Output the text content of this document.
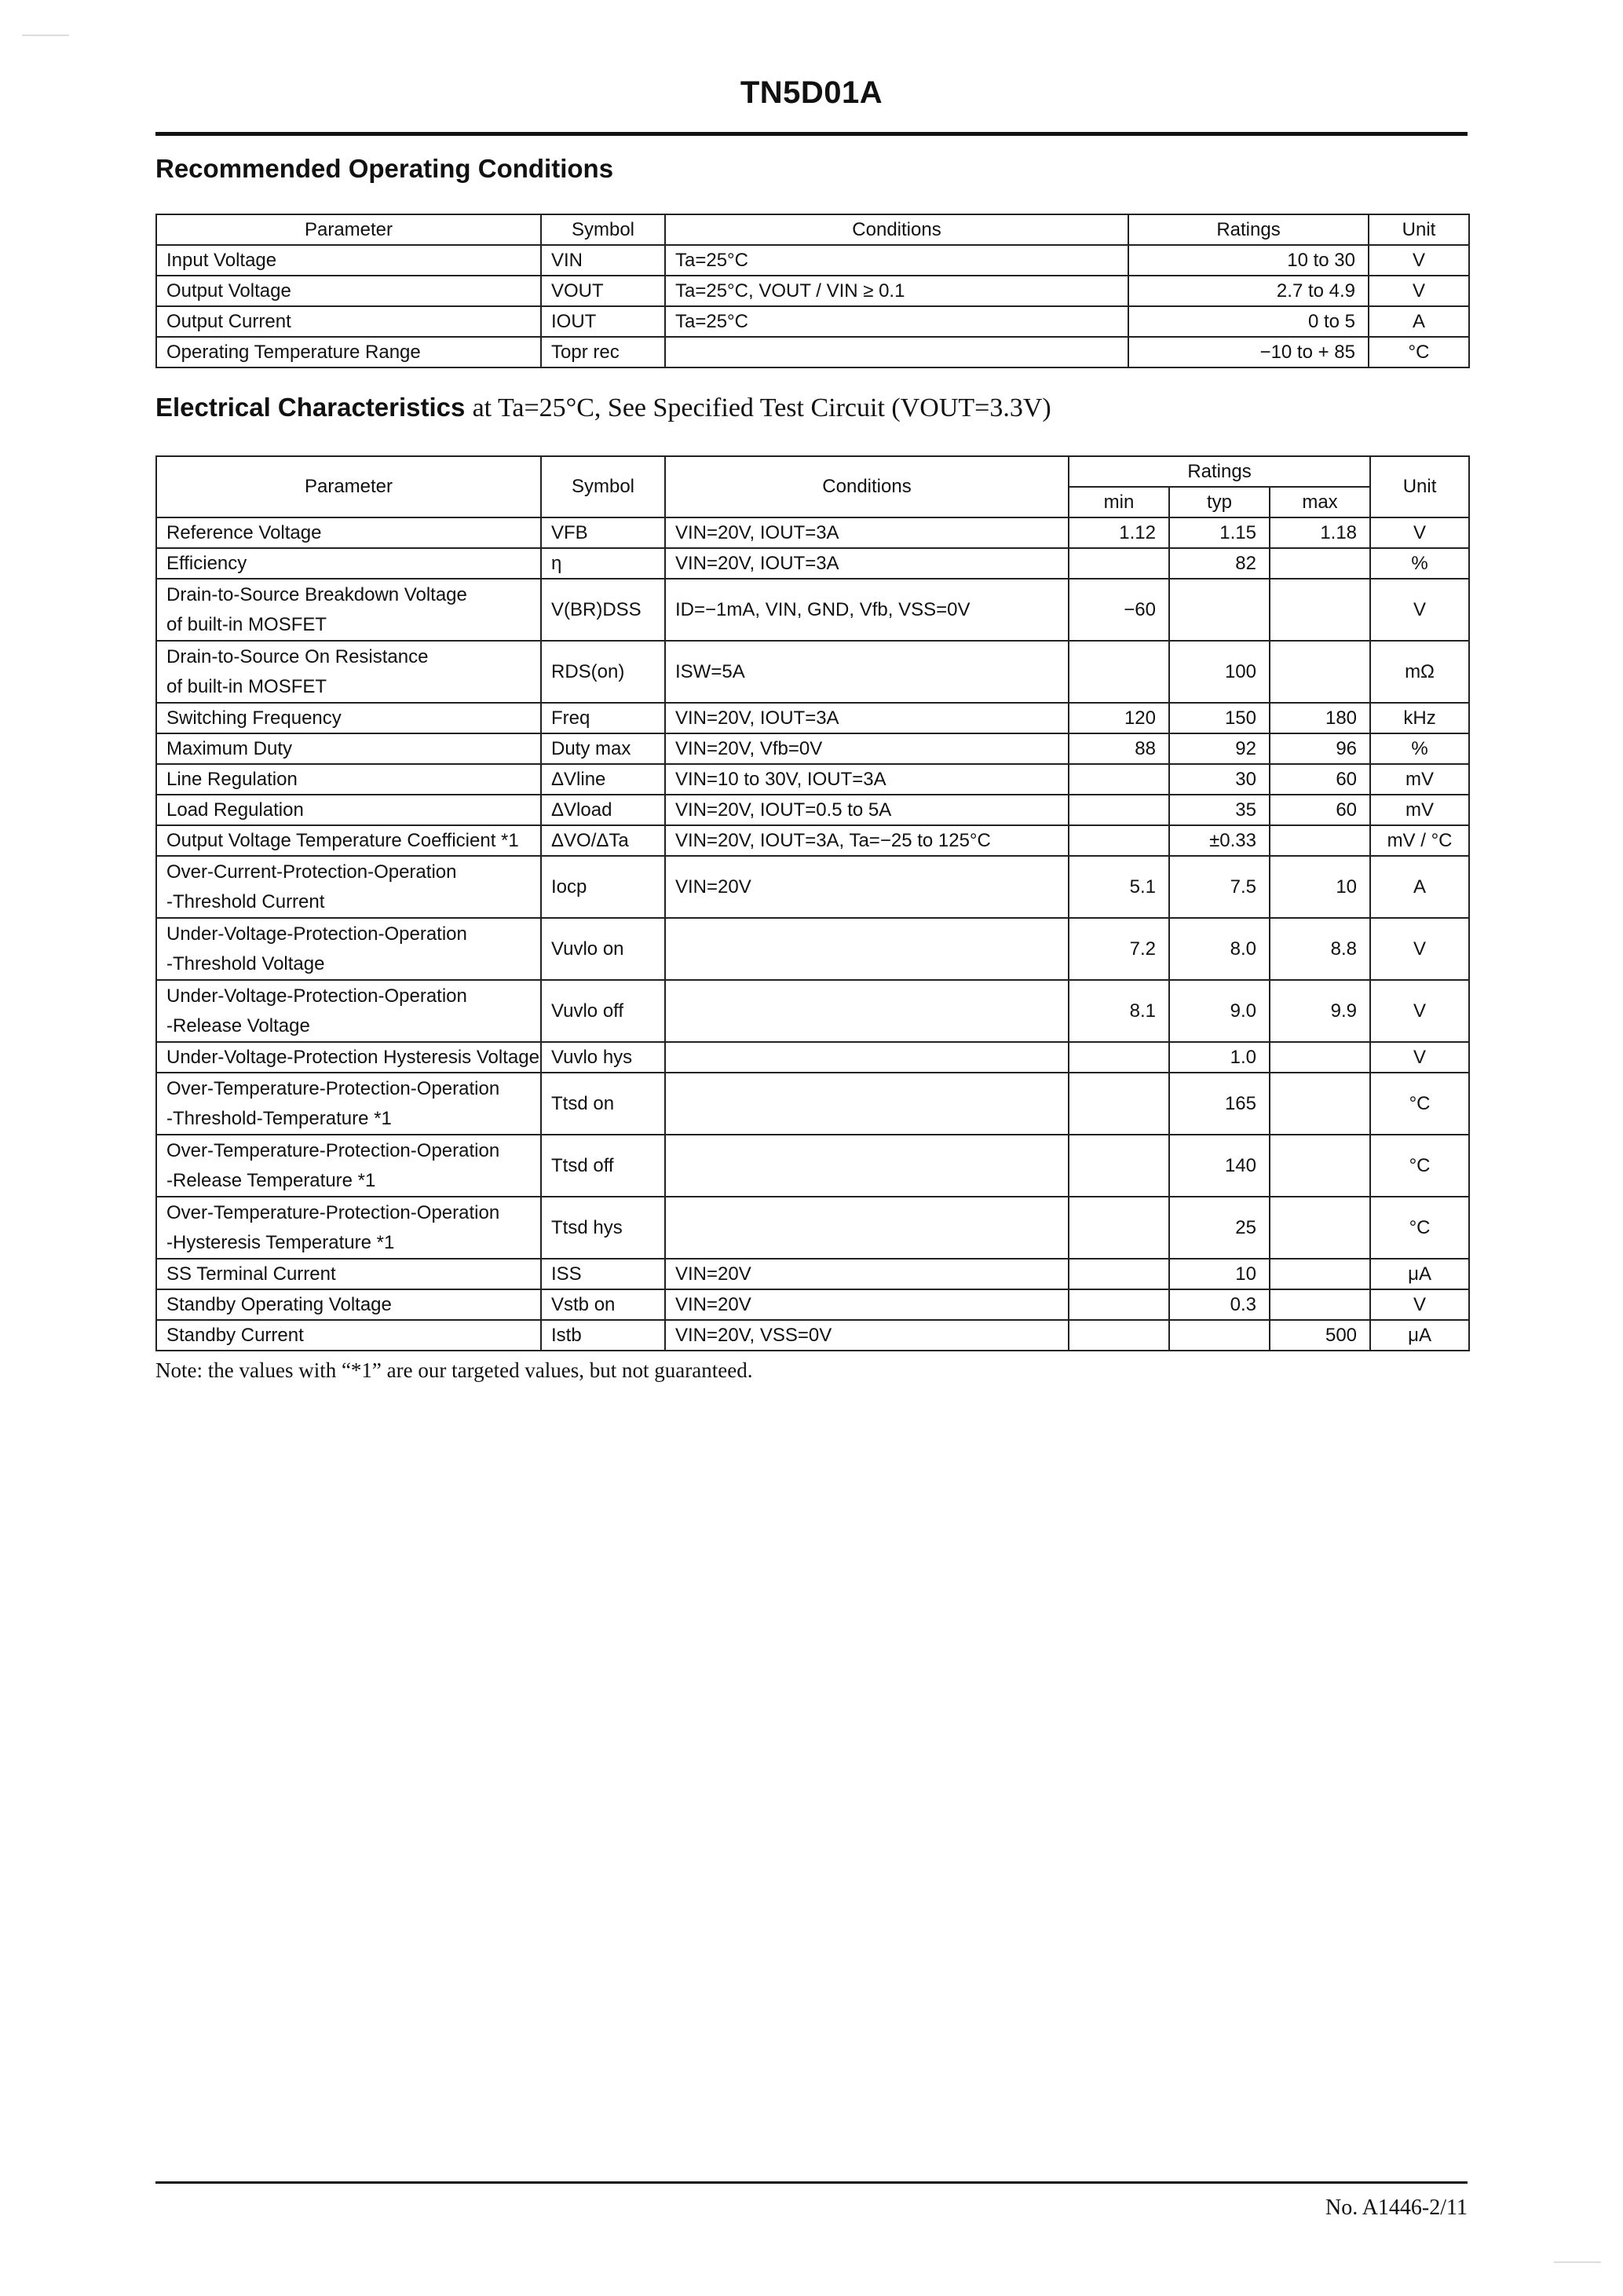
TN5D01A
Recommended Operating Conditions
Parameter	Symbol	Conditions	Ratings	Unit
Input Voltage	VIN	Ta=25°C	10 to 30	V
Output Voltage	VOUT	Ta=25°C, VOUT / VIN ≥ 0.1	2.7 to 4.9	V
Output Current	IOUT	Ta=25°C	0 to 5	A
Operating Temperature Range	Topr rec		−10 to + 85	°C
Electrical Characteristics at Ta=25°C, See Specified Test Circuit (VOUT=3.3V)
Parameter	Symbol	Conditions	Ratings			Unit
			min	typ	max	
Reference Voltage	VFB	VIN=20V, IOUT=3A	1.12	1.15	1.18	V
Efficiency	η	VIN=20V, IOUT=3A		82		%

Drain-to-Source Breakdown Voltage
of built-in MOSFET	V(BR)DSS	ID=−1mA, VIN, GND, Vfb, VSS=0V	−60			V

Drain-to-Source On Resistance
of built-in MOSFET	RDS(on)	ISW=5A		100		mΩ
Switching Frequency	Freq	VIN=20V, IOUT=3A	120	150	180	kHz
Maximum Duty	Duty max	VIN=20V, Vfb=0V	88	92	96	%
Line Regulation	ΔVline	VIN=10 to 30V, IOUT=3A		30	60	mV
Load Regulation	ΔVload	VIN=20V, IOUT=0.5 to 5A		35	60	mV
Output Voltage Temperature Coefficient *1	ΔVO/ΔTa	VIN=20V, IOUT=3A, Ta=−25 to 125°C		±0.33		mV / °C

Over-Current-Protection-Operation
-Threshold Current	Iocp	VIN=20V	5.1	7.5	10	A

Under-Voltage-Protection-Operation
-Threshold Voltage	Vuvlo on		7.2	8.0	8.8	V

Under-Voltage-Protection-Operation
-Release Voltage	Vuvlo off		8.1	9.0	9.9	V
Under-Voltage-Protection Hysteresis Voltage	Vuvlo hys			1.0		V

Over-Temperature-Protection-Operation
-Threshold-Temperature *1	Ttsd on			165		°C

Over-Temperature-Protection-Operation
-Release Temperature *1	Ttsd off			140		°C

Over-Temperature-Protection-Operation
-Hysteresis Temperature *1	Ttsd hys			25		°C
SS Terminal Current	ISS	VIN=20V		10		μA
Standby Operating Voltage	Vstb on	VIN=20V		0.3		V
Standby Current	Istb	VIN=20V, VSS=0V			500	μA
Note: the values with “*1” are our targeted values, but not guaranteed.
No. A1446-2/11
